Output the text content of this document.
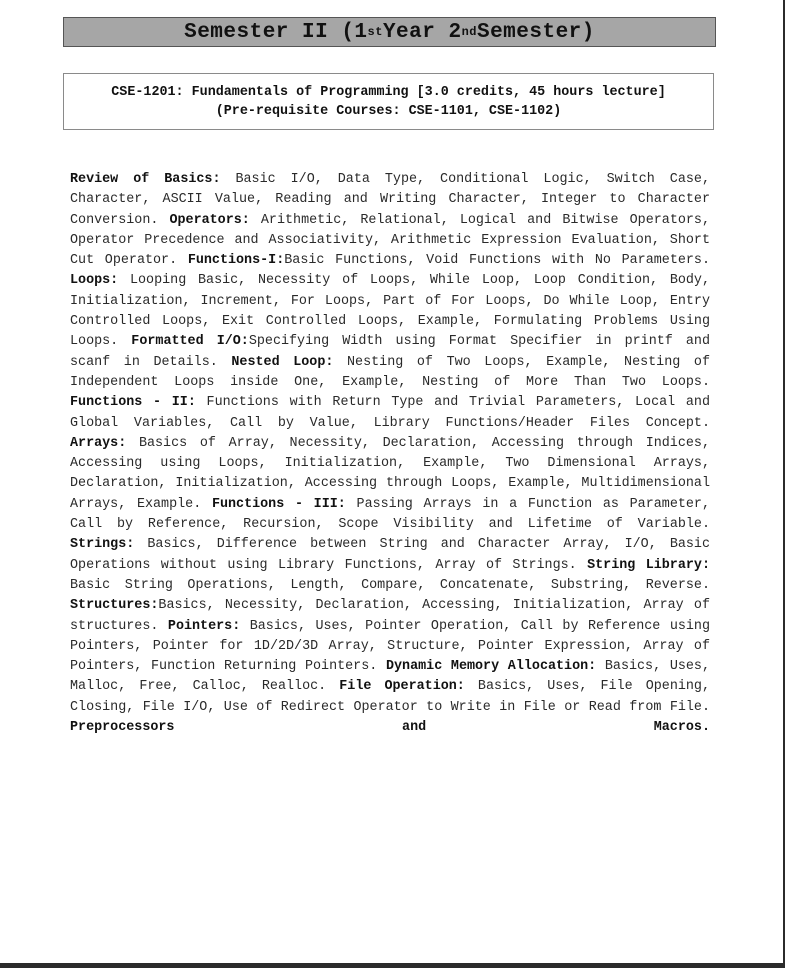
Semester II (1 st Year 2 nd Semester)
CSE-1201: Fundamentals of Programming [3.0 credits, 45 hours lecture]
(Pre-requisite Courses: CSE-1101, CSE-1102)

Review of Basics: Basic I/O, Data Type, Conditional Logic, Switch Case, Character, ASCII Value, Reading and Writing Character, Integer to Character Conversion. Operators: Arithmetic, Relational, Logical and Bitwise Operators, Operator Precedence and Associativity, Arithmetic Expression Evaluation, Short Cut Operator. Functions-I:Basic Functions, Void Functions with No Parameters. Loops: Looping Basic, Necessity of Loops, While Loop, Loop Condition, Body, Initialization, Increment, For Loops, Part of For Loops, Do While Loop, Entry Controlled Loops, Exit Controlled Loops, Example, Formulating Problems Using Loops. Formatted I/O:Specifying Width using Format Specifier in printf and scanf in Details. Nested Loop: Nesting of Two Loops, Example, Nesting of Independent Loops inside One, Example, Nesting of More Than Two Loops. Functions - II: Functions with Return Type and Trivial Parameters, Local and Global Variables, Call by Value, Library Functions/Header Files Concept. Arrays: Basics of Array, Necessity, Declaration, Accessing through Indices, Accessing using Loops, Initialization, Example, Two Dimensional Arrays, Declaration, Initialization, Accessing through Loops, Example, Multidimensional Arrays, Example. Functions - III: Passing Arrays in a Function as Parameter, Call by Reference, Recursion, Scope Visibility and Lifetime of Variable. Strings: Basics, Difference between String and Character Array, I/O, Basic Operations without using Library Functions, Array of Strings. String Library: Basic String Operations, Length, Compare, Concatenate, Substring, Reverse. Structures:Basics, Necessity, Declaration, Accessing, Initialization, Array of structures. Pointers: Basics, Uses, Pointer Operation, Call by Reference using Pointers, Pointer for 1D/2D/3D Array, Structure, Pointer Expression, Array of Pointers, Function Returning Pointers. Dynamic Memory Allocation: Basics, Uses, Malloc, Free, Calloc, Realloc. File Operation: Basics, Uses, File Opening, Closing, File I/O, Use of Redirect Operator to Write in File or Read from File. Preprocessors and Macros.
